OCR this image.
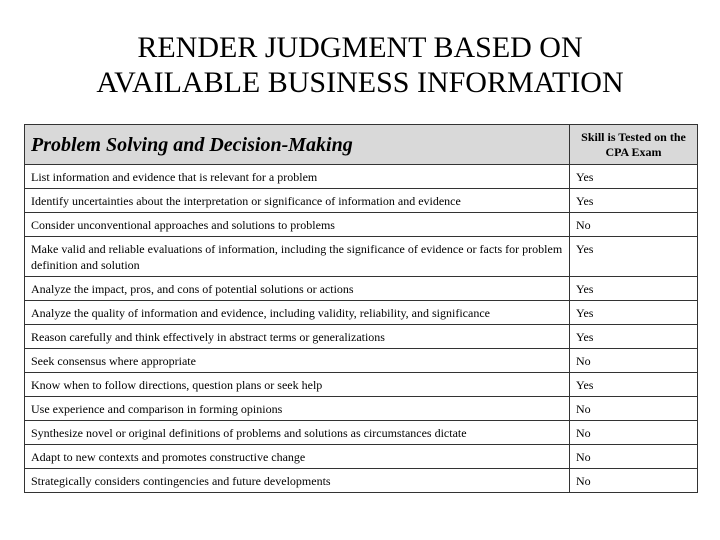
RENDER JUDGMENT BASED ON
AVAILABLE BUSINESS INFORMATION
Problem Solving and Decision-Making	Skill is Tested on the CPA Exam
List information and evidence that is relevant for a problem	Yes
Identify uncertainties about the interpretation or significance of information and evidence	Yes
Consider unconventional approaches and solutions to problems	No
Make valid and reliable evaluations of information, including the significance of evidence or facts for problem definition and solution	Yes
Analyze the impact, pros, and cons of potential solutions or actions	Yes
Analyze the quality of information and evidence, including validity, reliability, and significance	Yes
Reason carefully and think effectively in abstract terms or generalizations	Yes
Seek consensus where appropriate	No
Know when to follow directions, question plans or seek help	Yes
Use experience and comparison in forming opinions	No
Synthesize novel or original definitions of problems and solutions as circumstances dictate	No
Adapt to new contexts and promotes constructive change	No
Strategically considers contingencies and future developments	No
